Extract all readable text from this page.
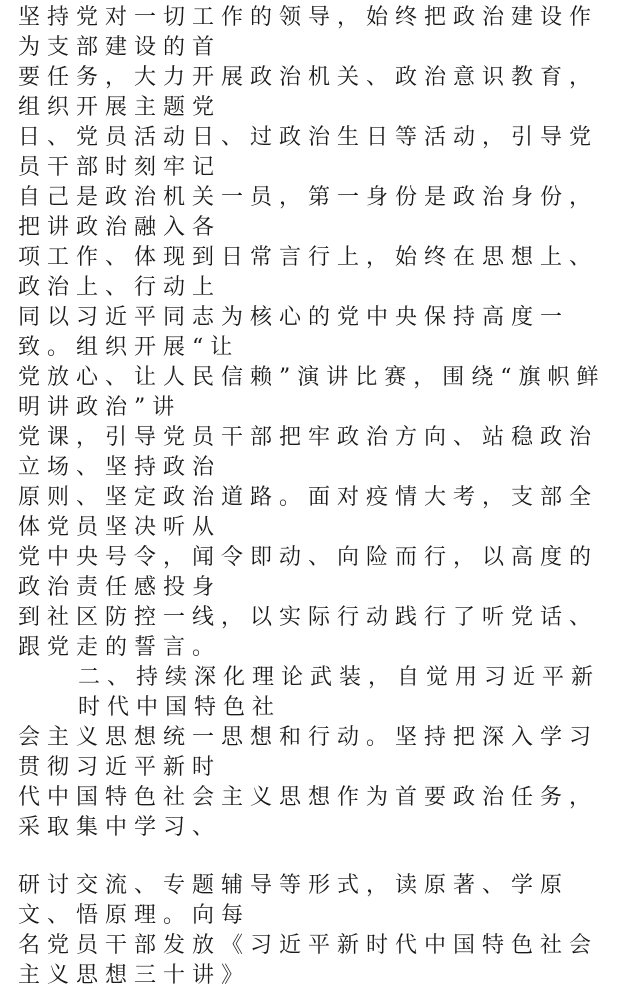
坚持党对一切工作的领导，始终把政治建设作为支部建设的首
要任务，大力开展政治机关、政治意识教育，组织开展主题党
日、党员活动日、过政治生日等活动，引导党员干部时刻牢记
自己是政治机关一员，第一身份是政治身份，把讲政治融入各
项工作、体现到日常言行上，始终在思想上、政治上、行动上
同以习近平同志为核心的党中央保持高度一致。组织开展“让
党放心、让人民信赖”演讲比赛，围绕“旗帜鲜明讲政治”讲
党课，引导党员干部把牢政治方向、站稳政治立场、坚持政治
原则、坚定政治道路。面对疫情大考，支部全体党员坚决听从
党中央号令，闻令即动、向险而行，以高度的政治责任感投身
到社区防控一线，以实际行动践行了听党话、跟党走的誓言。
二、持续深化理论武装，自觉用习近平新时代中国特色社
会主义思想统一思想和行动。坚持把深入学习贯彻习近平新时
代中国特色社会主义思想作为首要政治任务，采取集中学习、
研讨交流、专题辅导等形式，读原著、学原文、悟原理。向每
名党员干部发放《习近平新时代中国特色社会主义思想三十讲》
